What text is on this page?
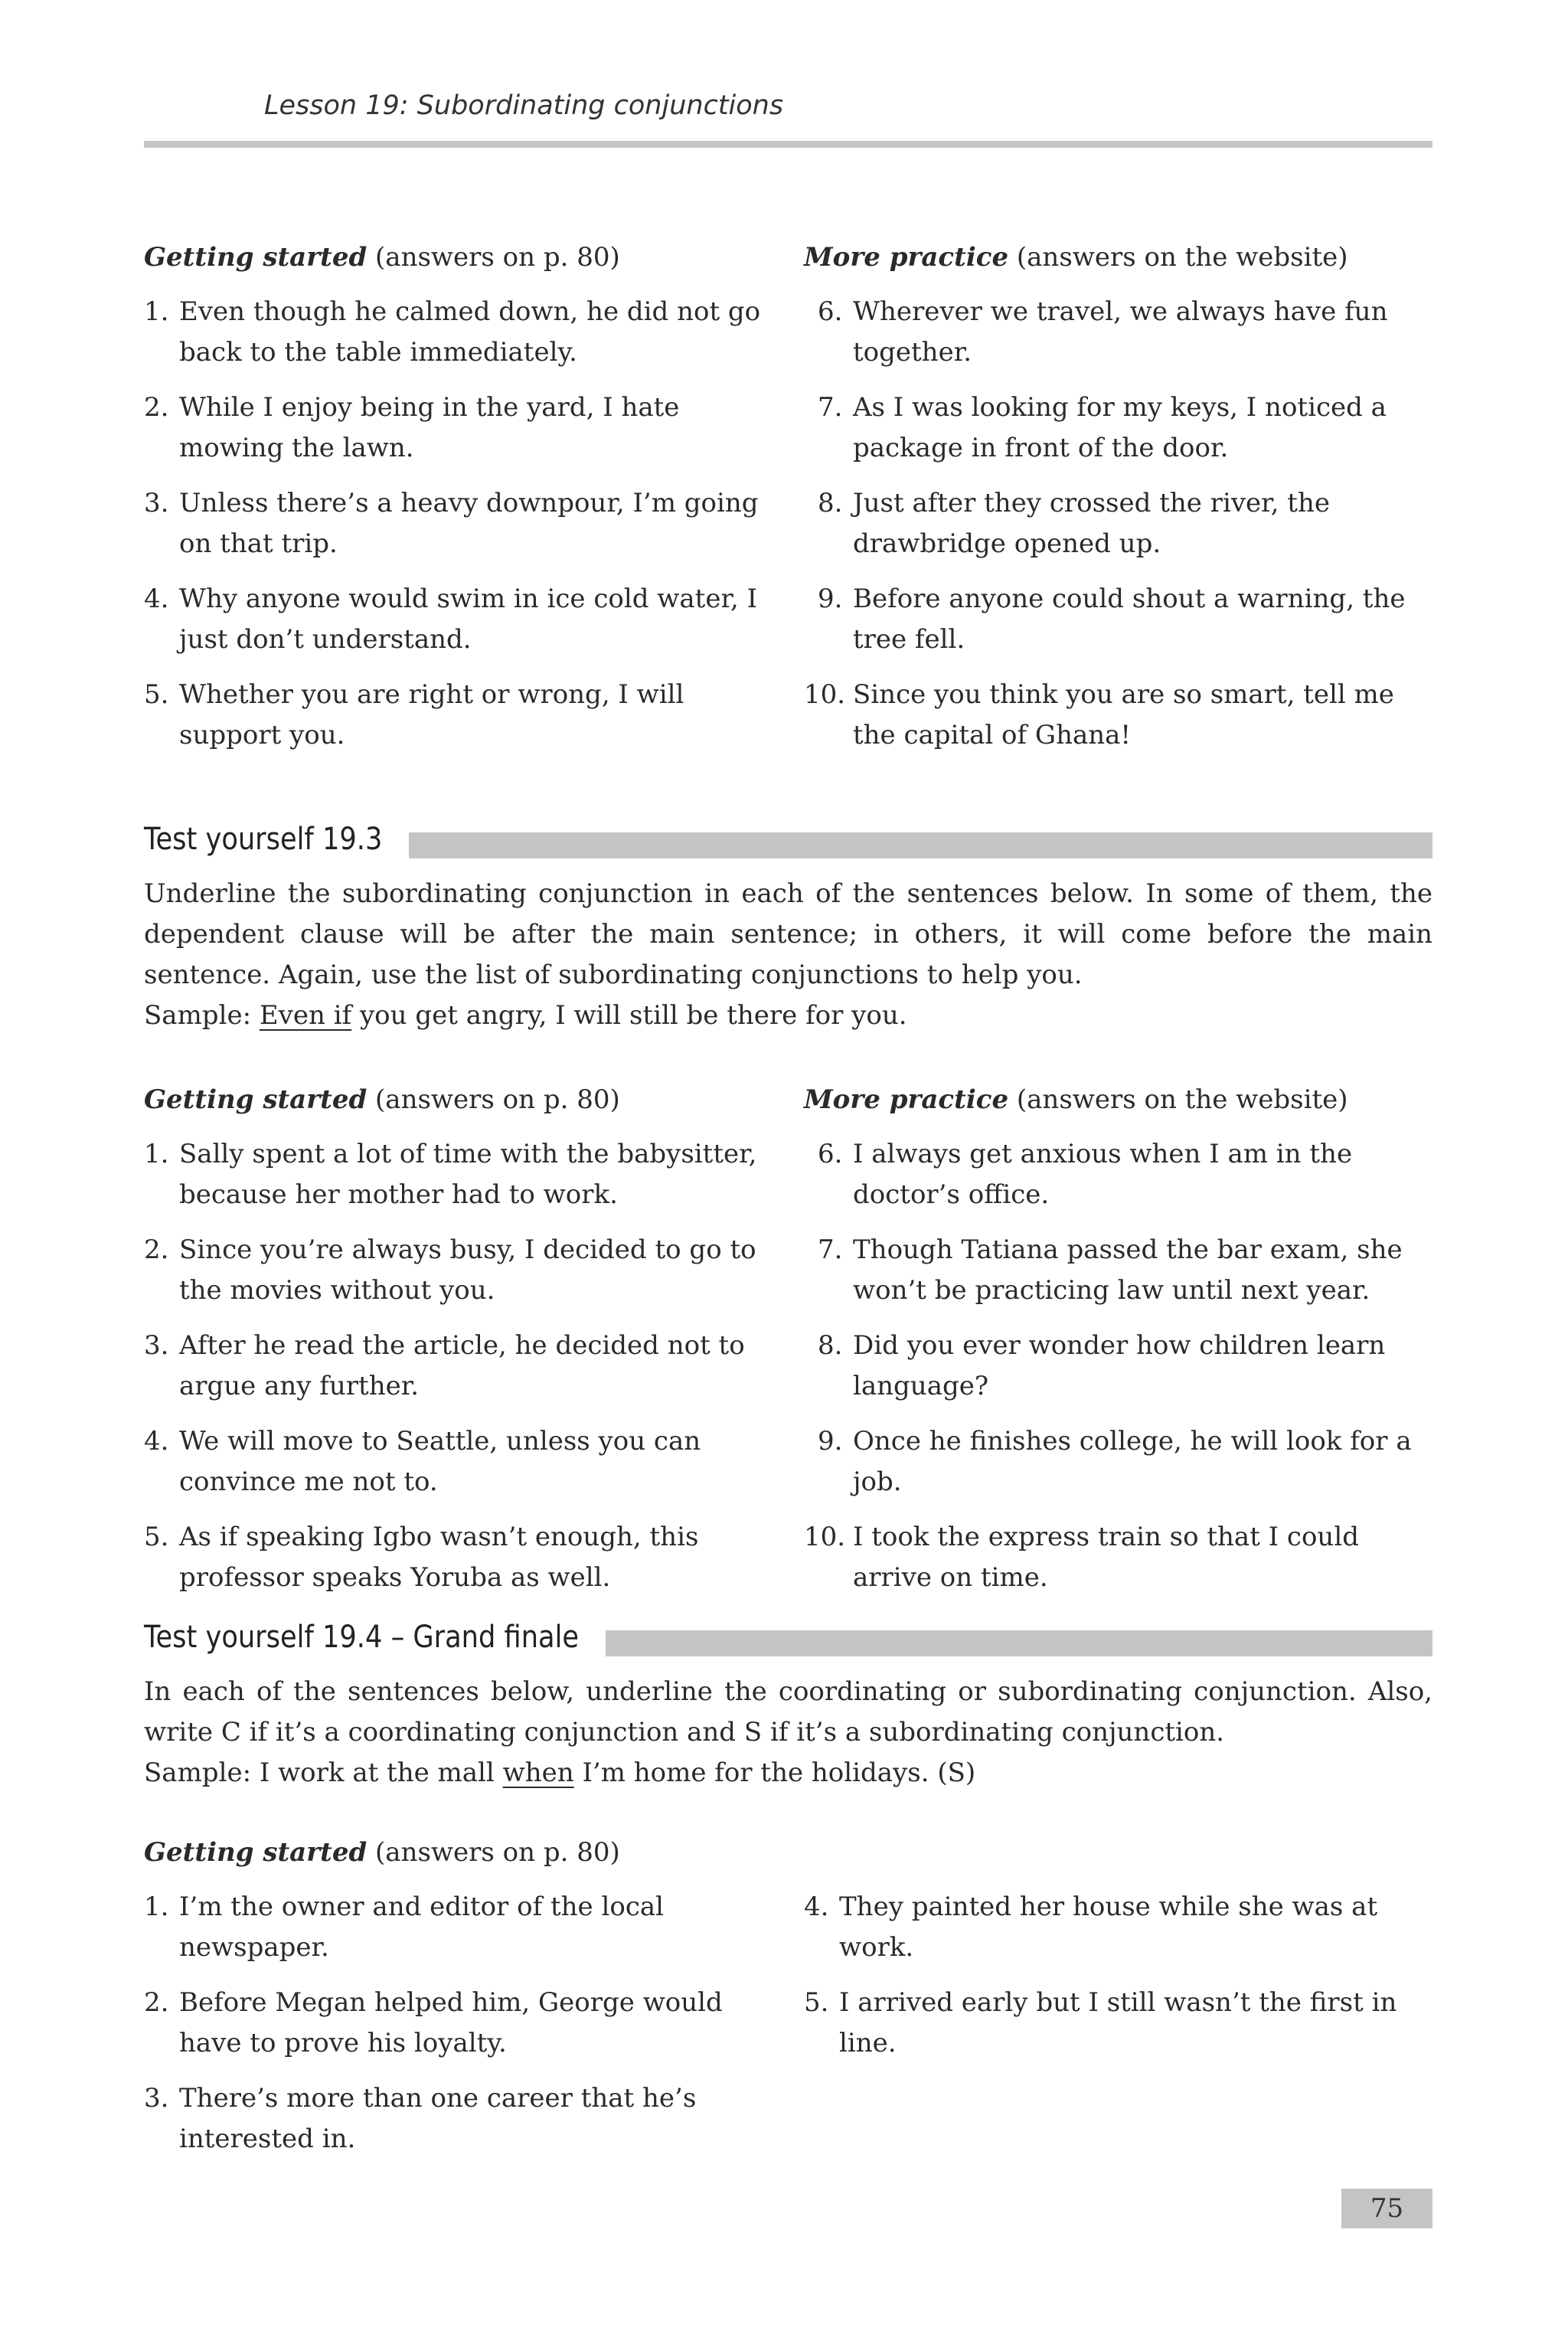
Lesson 19: Subordinating conjunctions
Getting started (answers on p. 80)
1. Even though he calmed down, he did not go back to the table immediately.
2. While I enjoy being in the yard, I hate mowing the lawn.
3. Unless there’s a heavy downpour, I’m going on that trip.
4. Why anyone would swim in ice cold water, I just don’t understand.
5. Whether you are right or wrong, I will support you.
More practice (answers on the website)
6. Wherever we travel, we always have fun together.
7. As I was looking for my keys, I noticed a package in front of the door.
8. Just after they crossed the river, the drawbridge opened up.
9. Before anyone could shout a warning, the tree fell.
10. Since you think you are so smart, tell me the capital of Ghana!
Test yourself 19.3

Underline the subordinating conjunction in each of the sentences below. In some of them, the dependent clause will be after the main sentence; in others, it will come before the main sentence. Again, use the list of subordinating conjunctions to help you.

Sample: Even if you get angry, I will still be there for you.

Getting started (answers on p. 80)
1. Sally spent a lot of time with the babysitter, because her mother had to work.
2. Since you’re always busy, I decided to go to the movies without you.
3. After he read the article, he decided not to argue any further.
4. We will move to Seattle, unless you can convince me not to.
5. As if speaking Igbo wasn’t enough, this professor speaks Yoruba as well.
More practice (answers on the website)
6. I always get anxious when I am in the doctor’s office.
7. Though Tatiana passed the bar exam, she won’t be practicing law until next year.
8. Did you ever wonder how children learn language?
9. Once he finishes college, he will look for a job.
10. I took the express train so that I could arrive on time.
Test yourself 19.4 – Grand finale

In each of the sentences below, underline the coordinating or subordinating conjunction. Also, write C if it’s a coordinating conjunction and S if it’s a subordinating conjunction.

Sample: I work at the mall when I’m home for the holidays. (S)

Getting started (answers on p. 80)
1. I’m the owner and editor of the local newspaper.
2. Before Megan helped him, George would have to prove his loyalty.
3. There’s more than one career that he’s interested in.
4. They painted her house while she was at work.
5. I arrived early but I still wasn’t the first in line.
75
